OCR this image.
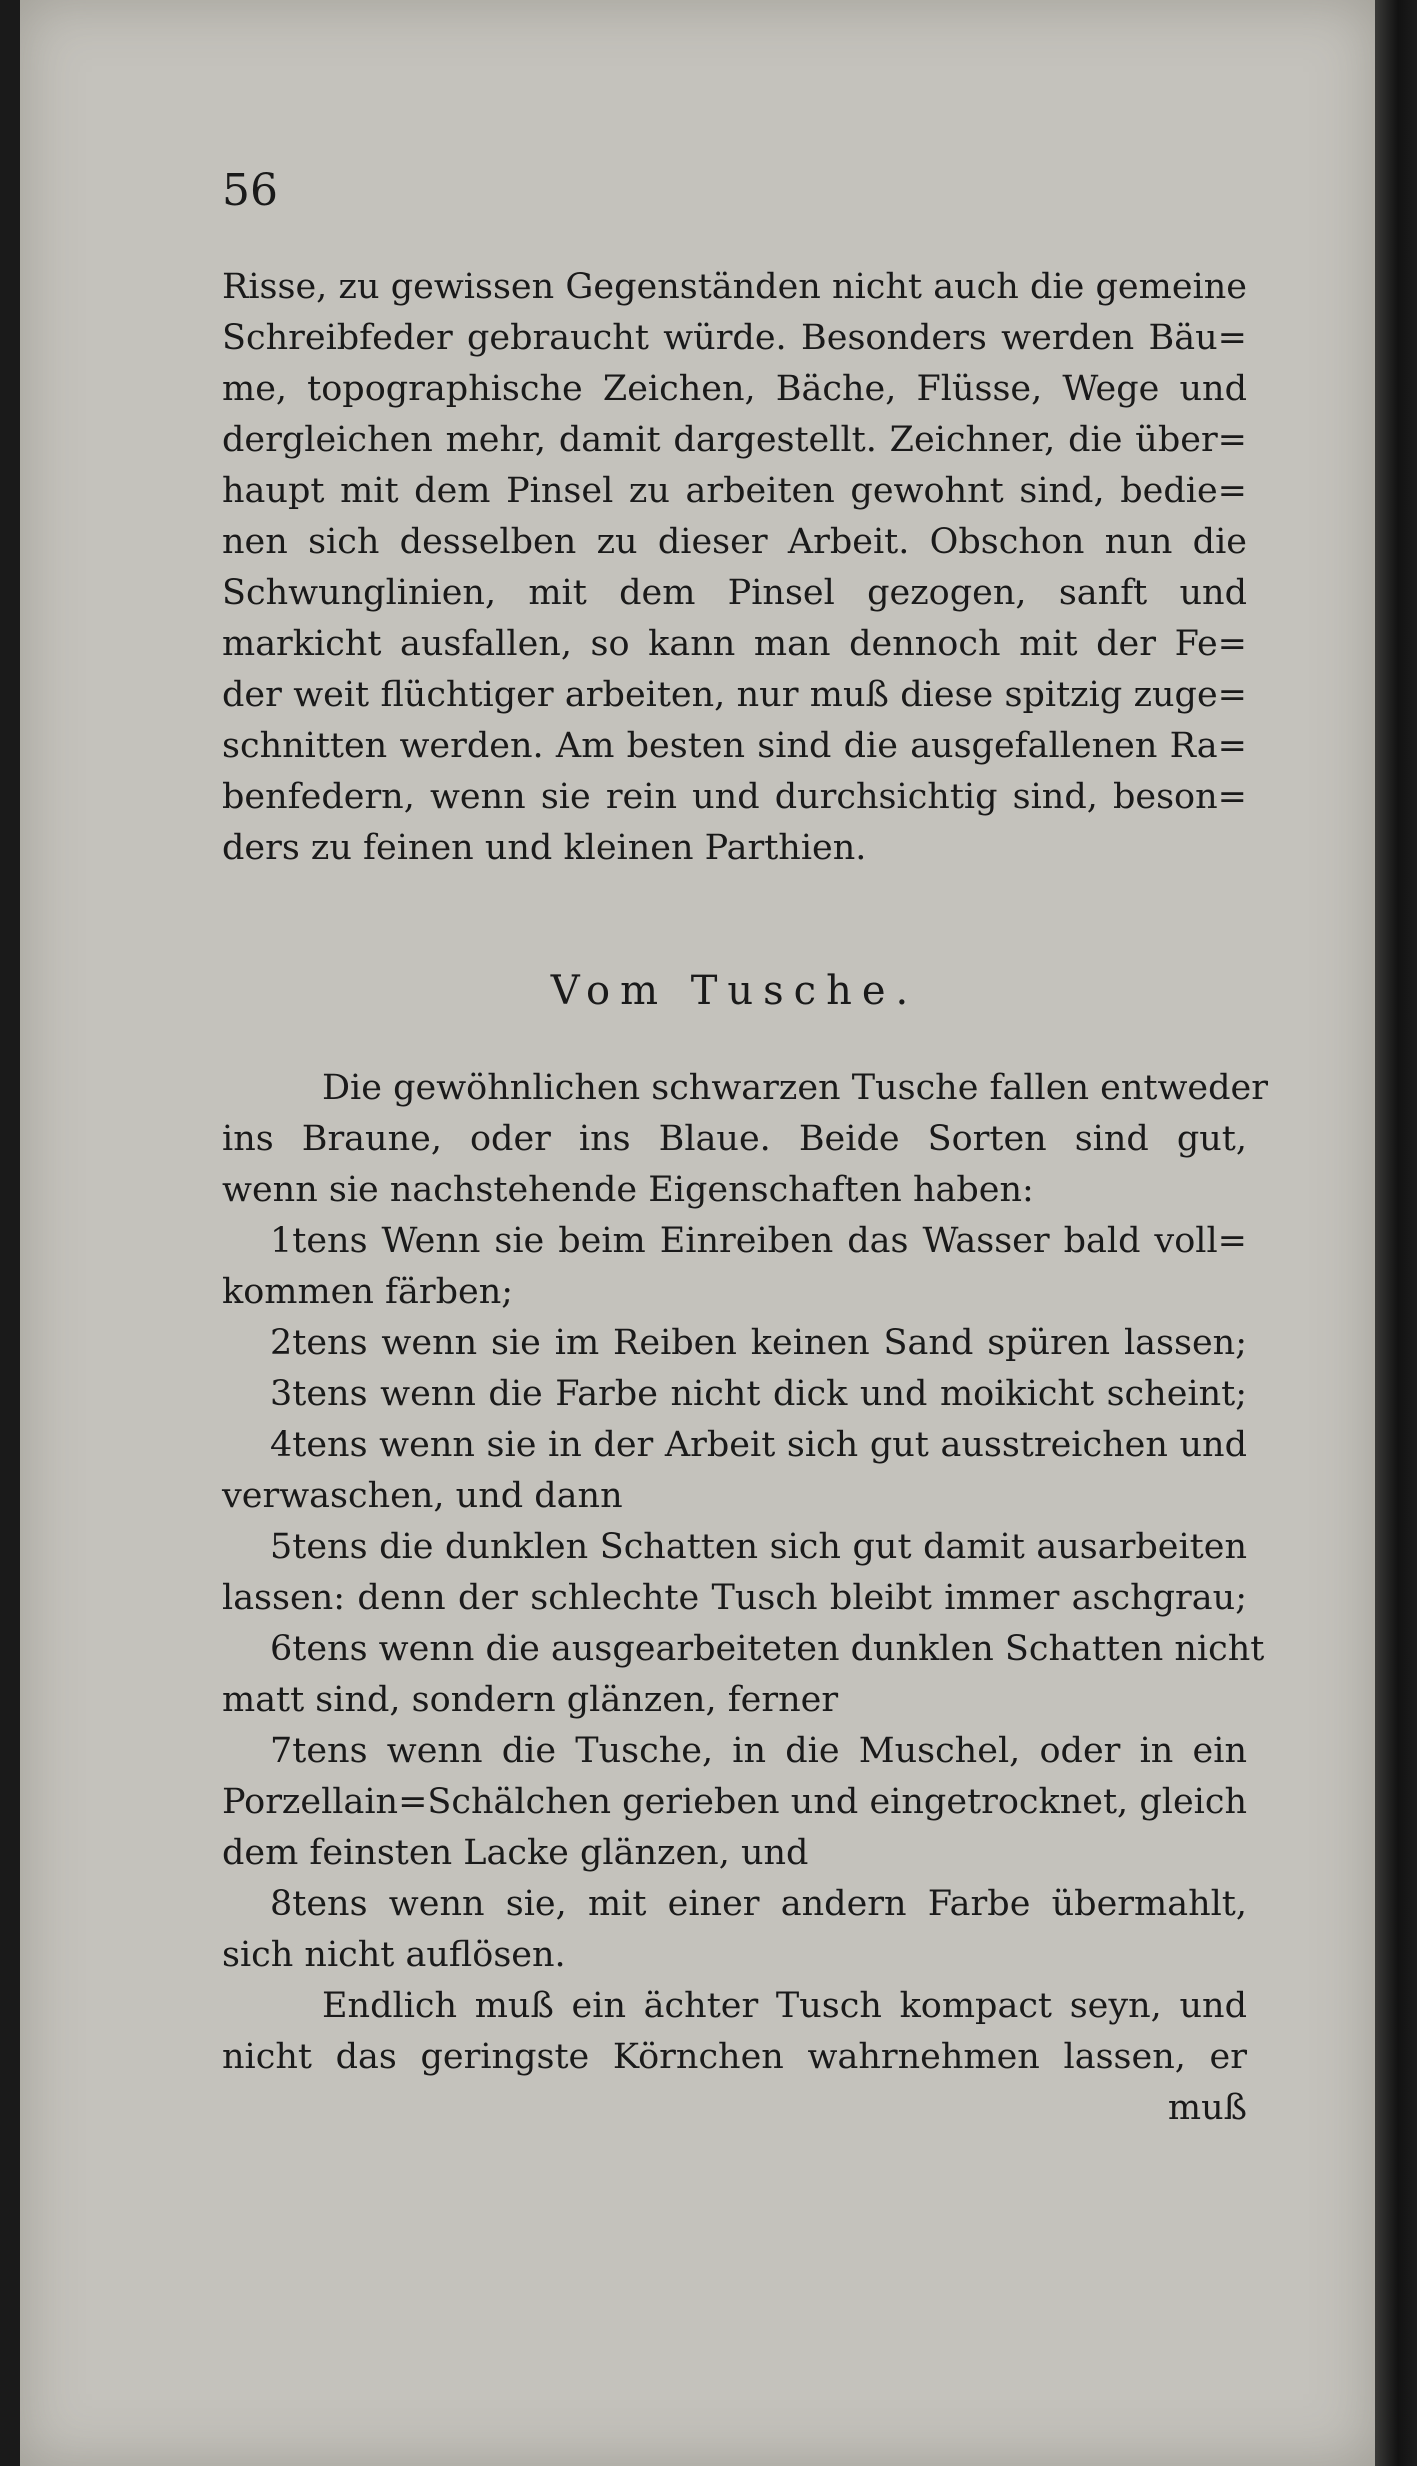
56
Risse, zu gewissen Gegenständen nicht auch die gemeine
Schreibfeder gebraucht würde. Besonders werden Bäu=
me, topographische Zeichen, Bäche, Flüsse, Wege und
dergleichen mehr, damit dargestellt. Zeichner, die über=
haupt mit dem Pinsel zu arbeiten gewohnt sind, bedie=
nen sich desselben zu dieser Arbeit. Obschon nun die
Schwunglinien, mit dem Pinsel gezogen, sanft und
markicht ausfallen, so kann man dennoch mit der Fe=
der weit flüchtiger arbeiten, nur muß diese spitzig zuge=
schnitten werden. Am besten sind die ausgefallenen Ra=
benfedern, wenn sie rein und durchsichtig sind, beson=
ders zu feinen und kleinen Parthien.
Vom Tusche.
Die gewöhnlichen schwarzen Tusche fallen entweder
ins Braune, oder ins Blaue. Beide Sorten sind gut,
wenn sie nachstehende Eigenschaften haben:
1tens Wenn sie beim Einreiben das Wasser bald voll=
kommen färben;
2tens wenn sie im Reiben keinen Sand spüren lassen;
3tens wenn die Farbe nicht dick und moikicht scheint;
4tens wenn sie in der Arbeit sich gut ausstreichen und
verwaschen, und dann
5tens die dunklen Schatten sich gut damit ausarbeiten
lassen: denn der schlechte Tusch bleibt immer aschgrau;
6tens wenn die ausgearbeiteten dunklen Schatten nicht
matt sind, sondern glänzen, ferner
7tens wenn die Tusche, in die Muschel, oder in ein
Porzellain=Schälchen gerieben und eingetrocknet, gleich
dem feinsten Lacke glänzen, und
8tens wenn sie, mit einer andern Farbe übermahlt,
sich nicht auflösen.
Endlich muß ein ächter Tusch kompact seyn, und
nicht das geringste Körnchen wahrnehmen lassen, er
muß
